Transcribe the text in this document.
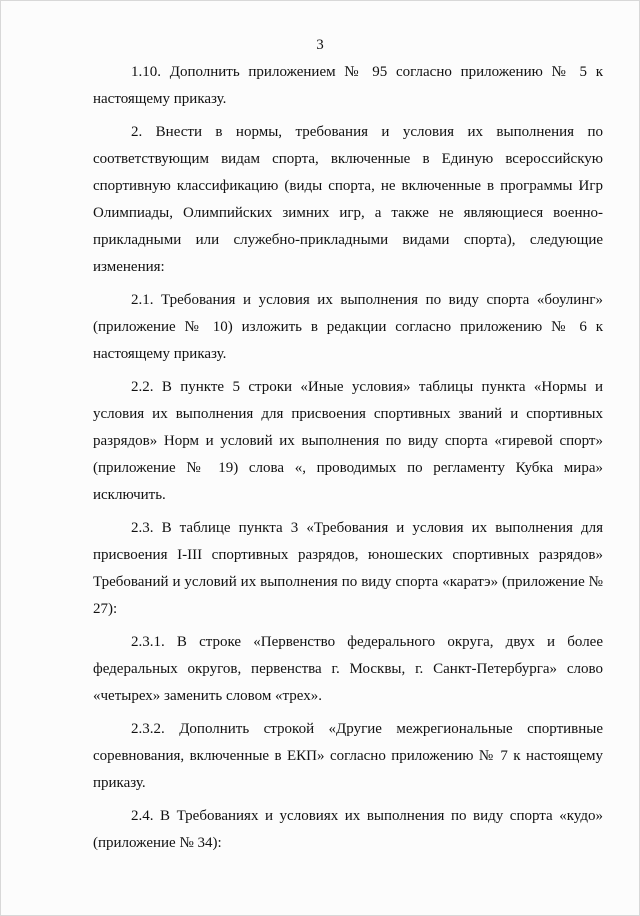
3

1.10. Дополнить приложением № 95 согласно приложению № 5 к настоящему приказу.

2. Внести в нормы, требования и условия их выполнения по соответствующим видам спорта, включенные в Единую всероссийскую спортивную классификацию (виды спорта, не включенные в программы Игр Олимпиады, Олимпийских зимних игр, а также не являющиеся военно-прикладными или служебно-прикладными видами спорта), следующие изменения:

2.1. Требования и условия их выполнения по виду спорта «боулинг» (приложение № 10) изложить в редакции согласно приложению № 6 к настоящему приказу.

2.2. В пункте 5 строки «Иные условия» таблицы пункта «Нормы и условия их выполнения для присвоения спортивных званий и спортивных разрядов» Норм и условий их выполнения по виду спорта «гиревой спорт» (приложение № 19) слова «, проводимых по регламенту Кубка мира» исключить.

2.3. В таблице пункта 3 «Требования и условия их выполнения для присвоения I-III спортивных разрядов, юношеских спортивных разрядов» Требований и условий их выполнения по виду спорта «каратэ» (приложение № 27):

2.3.1. В строке «Первенство федерального округа, двух и более федеральных округов, первенства г. Москвы, г. Санкт-Петербурга» слово «четырех» заменить словом «трех».

2.3.2. Дополнить строкой «Другие межрегиональные спортивные соревнования, включенные в ЕКП» согласно приложению № 7 к настоящему приказу.

2.4. В Требованиях и условиях их выполнения по виду спорта «кудо» (приложение № 34):
